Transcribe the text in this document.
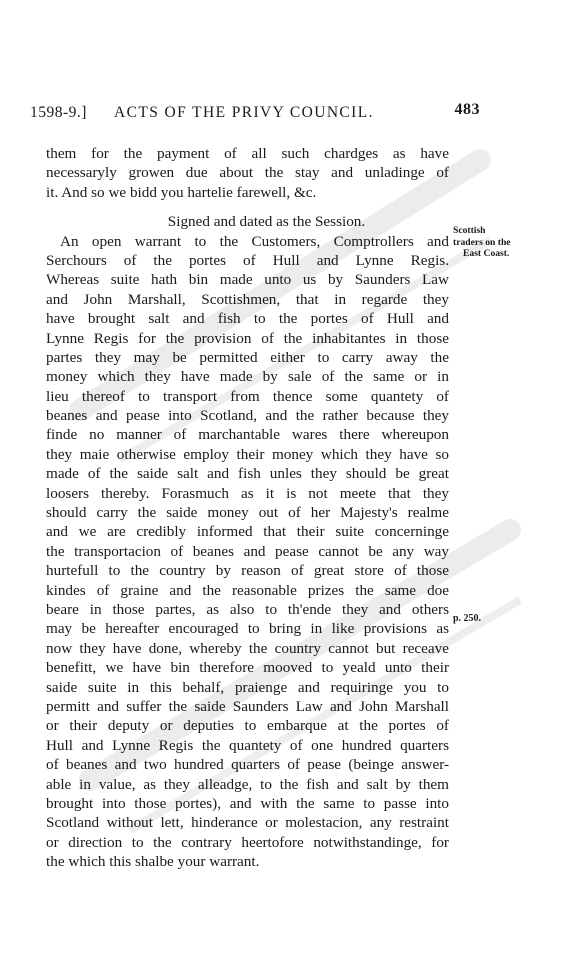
1598-9.] ACTS OF THE PRIVY COUNCIL.	483
them for the payment of all such chardges as have
necessaryly growen due about the stay and unladinge of
it. And so we bidd you hartelie farewell, &c.
Signed and dated as the Session.
An open warrant to the Customers, Comptrollers and
Serchours of the portes of Hull and Lynne Regis.
Whereas suite hath bin made unto us by Saunders Law
and John Marshall, Scottishmen, that in regarde they
have brought salt and fish to the portes of Hull and
Lynne Regis for the provision of the inhabitantes in those
partes they may be permitted either to carry away the
money which they have made by sale of the same or in
lieu thereof to transport from thence some quantety of
beanes and pease into Scotland, and the rather because they
finde no manner of marchantable wares there whereupon
they maie otherwise employ their money which they have so
made of the saide salt and fish unles they should be great
loosers thereby. Forasmuch as it is not meete that they
should carry the saide money out of her Majesty's realme
and we are credibly informed that their suite concerninge
the transportacion of beanes and pease cannot be any way
hurtefull to the country by reason of great store of those
kindes of graine and the reasonable prizes the same doe
beare in those partes, as also to th'ende they and others
may be hereafter encouraged to bring in like provisions as
now they have done, whereby the country cannot but receave
benefitt, we have bin therefore mooved to yeald unto their
saide suite in this behalf, praienge and requiringe you to
permitt and suffer the saide Saunders Law and John Marshall
or their deputy or deputies to embarque at the portes of
Hull and Lynne Regis the quantety of one hundred quarters
of beanes and two hundred quarters of pease (beinge answer-
able in value, as they alleadge, to the fish and salt by them
brought into those portes), and with the same to passe into
Scotland without lett, hinderance or molestacion, any restraint
or direction to the contrary heertofore notwithstandinge, for
the which this shalbe your warrant.
Scottish
traders on the
East Coast.
p. 250.
